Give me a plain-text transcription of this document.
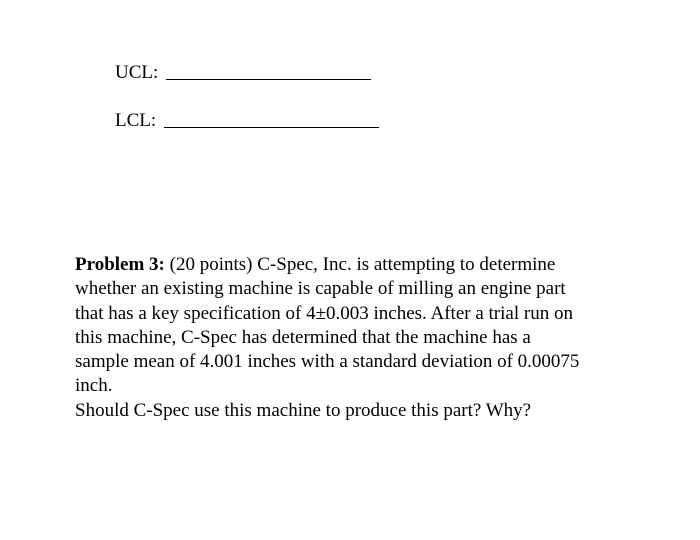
UCL:
LCL:

Problem 3: (20 points) C-Spec, Inc. is attempting to determine
whether an existing machine is capable of milling an engine part
that has a key specification of 4±0.003 inches. After a trial run on
this machine, C-Spec has determined that the machine has a
sample mean of 4.001 inches with a standard deviation of 0.00075
inch.

Should C-Spec use this machine to produce this part? Why?
